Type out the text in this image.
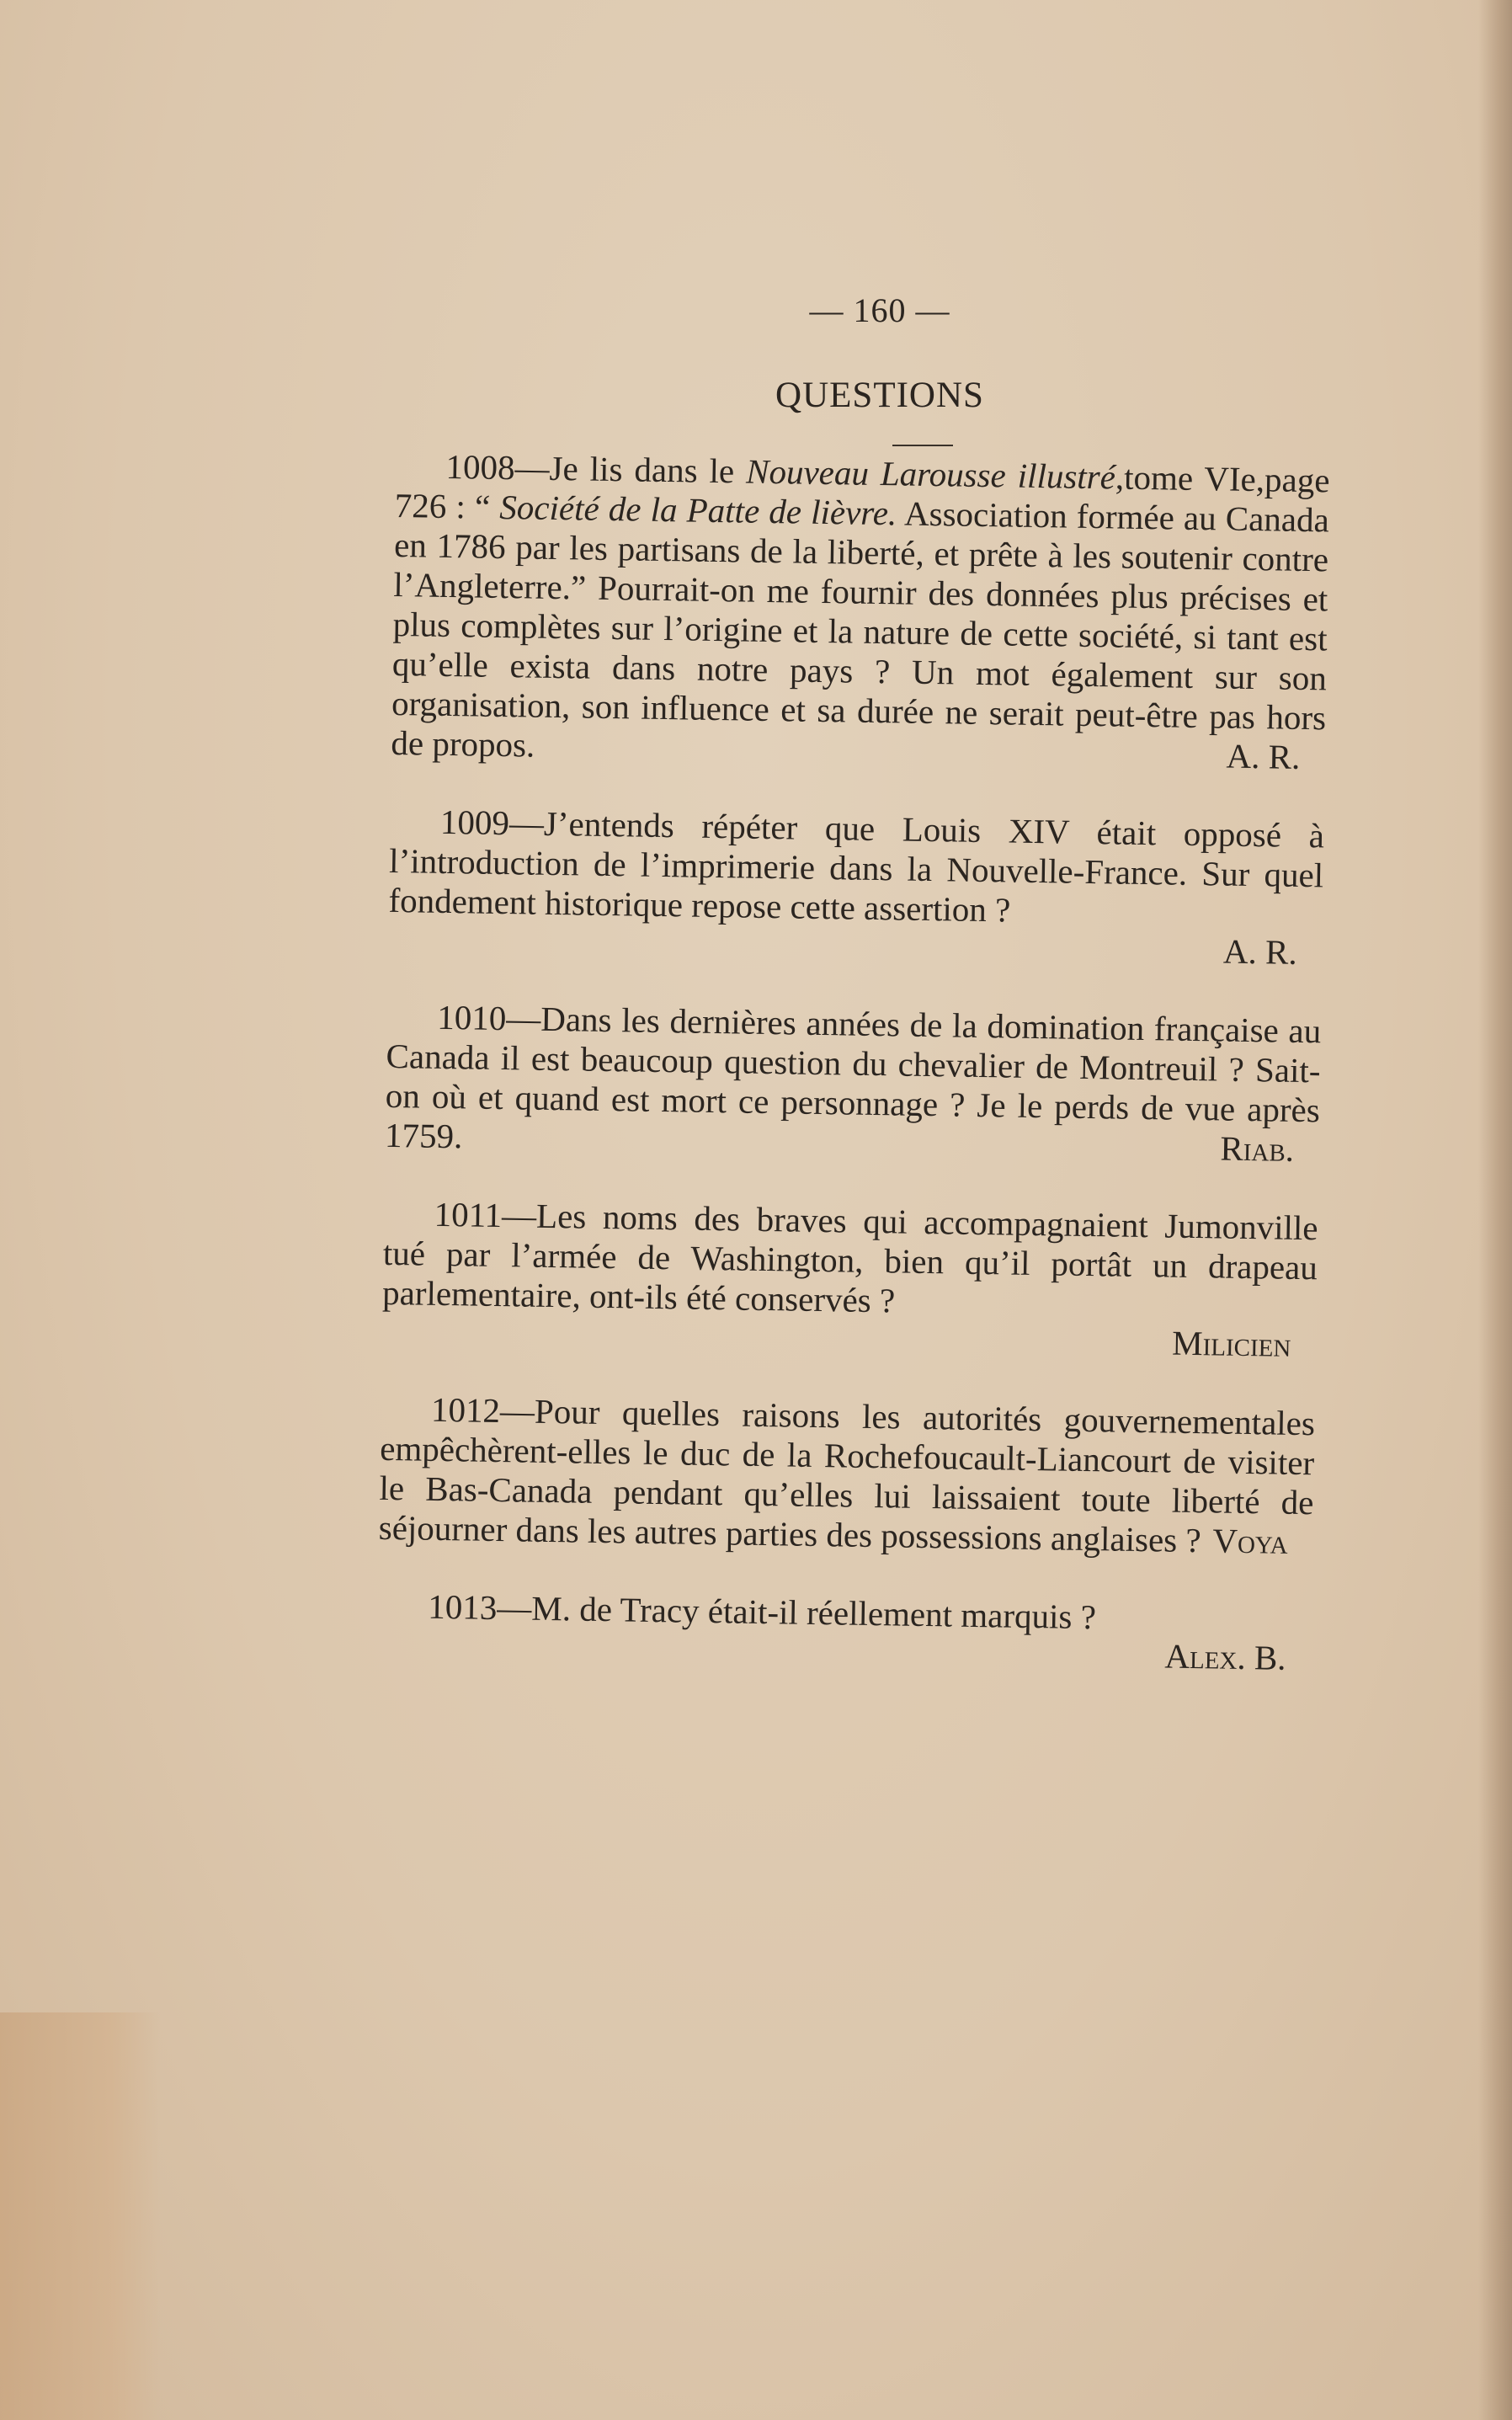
— 160 —
QUESTIONS

1008—Je lis dans le Nouveau Larousse illustré,tome VIe,page 726 : “ Société de la Patte de lièvre. Association formée au Canada en 1786 par les partisans de la liberté, et prête à les soutenir contre l’Angleterre.” Pourrait-on me fournir des données plus précises et plus complètes sur l’origine et la nature de cette société, si tant est qu’elle exista dans notre pays ? Un mot également sur son organisation, son influence et sa durée ne serait peut-être pas hors de propos.	A. R.

1009—J’entends répéter que Louis XIV était opposé à l’introduction de l’imprimerie dans la Nouvelle-France. Sur quel fondement historique repose cette assertion ?
A. R.

1010—Dans les dernières années de la domination française au Canada il est beaucoup question du chevalier de Montreuil ? Sait-on où et quand est mort ce personnage ? Je le perds de vue après 1759.	Riab.

1011—Les noms des braves qui accompagnaient Jumonville tué par l’armée de Washington, bien qu’il portât un drapeau parlementaire, ont-ils été conservés ?
Milicien

1012—Pour quelles raisons les autorités gouvernementales empêchèrent-elles le duc de la Rochefoucault-Liancourt de visiter le Bas-Canada pendant qu’elles lui laissaient toute liberté de séjourner dans les autres parties des possessions anglaises ? Voya

1013—M. de Tracy était-il réellement marquis ?
Alex. B.
